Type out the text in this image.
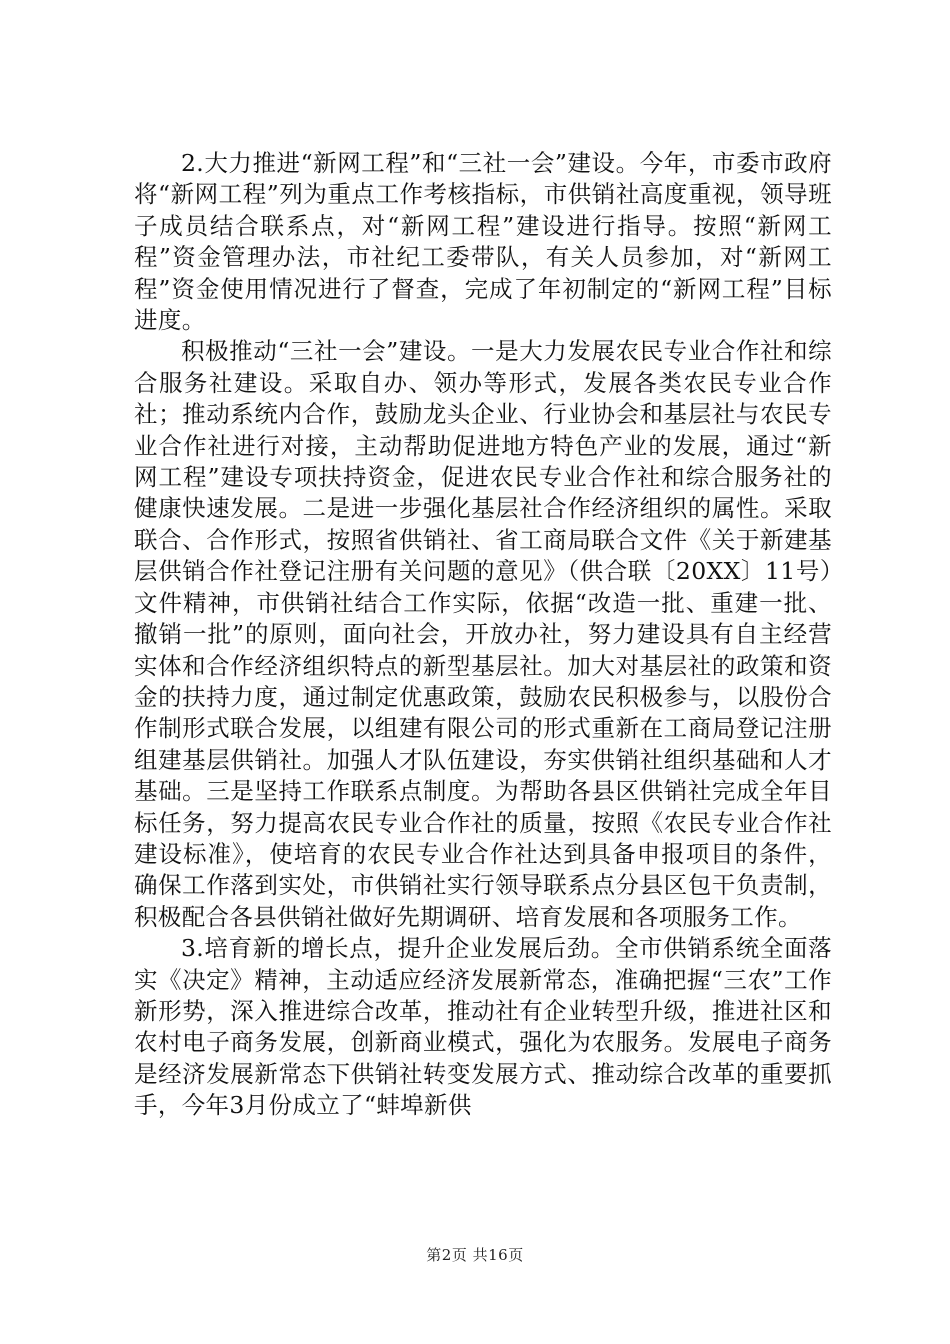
2.大力推进“新网工程”和“三社一会”建设。今年，市委市政府将“新网工程”列为重点工作考核指标，市供销社高度重视，领导班子成员结合联系点，对“新网工程”建设进行指导。按照“新网工程”资金管理办法，市社纪工委带队，有关人员参加，对“新网工程”资金使用情况进行了督查，完成了年初制定的“新网工程”目标进度。

积极推动“三社一会”建设。一是大力发展农民专业合作社和综合服务社建设。采取自办、领办等形式，发展各类农民专业合作社；推动系统内合作，鼓励龙头企业、行业协会和基层社与农民专业合作社进行对接，主动帮助促进地方特色产业的发展，通过“新网工程”建设专项扶持资金，促进农民专业合作社和综合服务社的健康快速发展。二是进一步强化基层社合作经济组织的属性。采取联合、合作形式，按照省供销社、省工商局联合文件《关于新建基层供销合作社登记注册有关问题的意见》（供合联〔20XX〕11号）文件精神，市供销社结合工作实际，依据“改造一批、重建一批、撤销一批”的原则，面向社会，开放办社，努力建设具有自主经营实体和合作经济组织特点的新型基层社。加大对基层社的政策和资金的扶持力度，通过制定优惠政策，鼓励农民积极参与，以股份合作制形式联合发展，以组建有限公司的形式重新在工商局登记注册组建基层供销社。加强人才队伍建设，夯实供销社组织基础和人才基础。三是坚持工作联系点制度。为帮助各县区供销社完成全年目标任务，努力提高农民专业合作社的质量，按照《农民专业合作社建设标准》，使培育的农民专业合作社达到具备申报项目的条件，确保工作落到实处，市供销社实行领导联系点分县区包干负责制，积极配合各县供销社做好先期调研、培育发展和各项服务工作。

3.培育新的增长点，提升企业发展后劲。全市供销系统全面落实《决定》精神，主动适应经济发展新常态，准确把握“三农”工作新形势，深入推进综合改革，推动社有企业转型升级，推进社区和农村电子商务发展，创新商业模式，强化为农服务。发展电子商务是经济发展新常态下供销社转变发展方式、推动综合改革的重要抓手，今年3月份成立了“蚌埠新供

第2页 共16页
